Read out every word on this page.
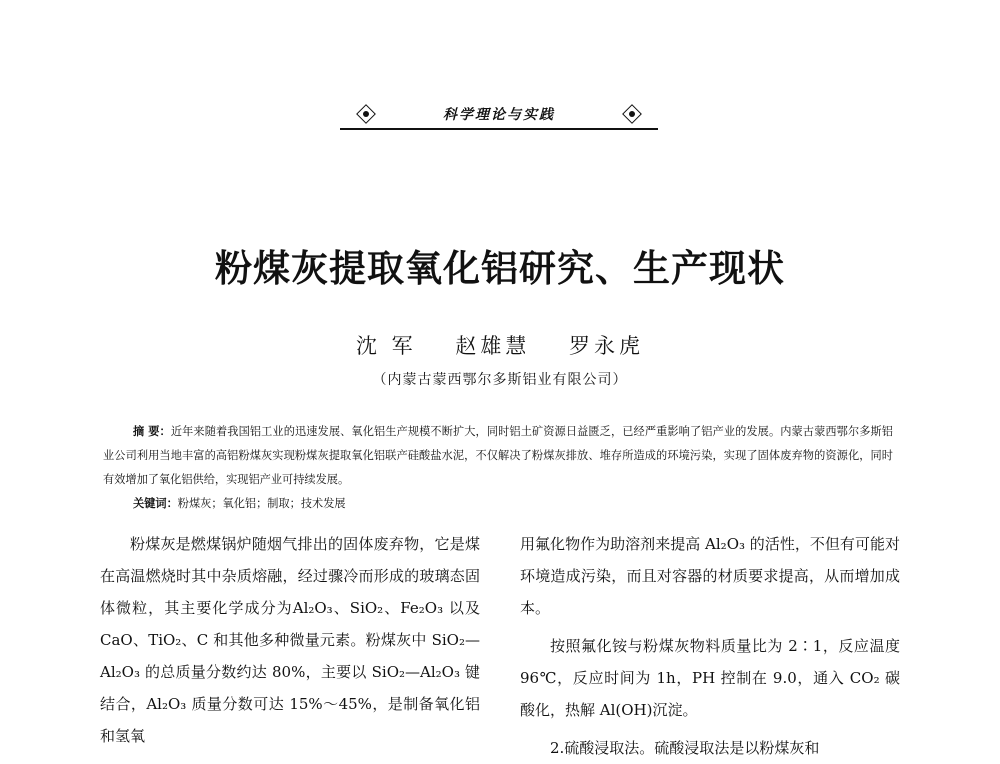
科学理论与实践
粉煤灰提取氧化铝研究、生产现状
沈 军 赵雄慧 罗永虎
（内蒙古蒙西鄂尔多斯铝业有限公司）

摘 要：近年来随着我国铝工业的迅速发展、氧化铝生产规模不断扩大，同时铝土矿资源日益匮乏，已经严重影响了铝产业的发展。内蒙古蒙西鄂尔多斯铝业公司利用当地丰富的高铝粉煤灰实现粉煤灰提取氧化铝联产硅酸盐水泥，不仅解决了粉煤灰排放、堆存所造成的环境污染，实现了固体废弃物的资源化，同时有效增加了氧化铝供给，实现铝产业可持续发展。

关键词：粉煤灰；氧化铝；制取；技术发展

粉煤灰是燃煤锅炉随烟气排出的固体废弃物，它是煤在高温燃烧时其中杂质熔融，经过骤冷而形成的玻璃态固体微粒，其主要化学成分为Al₂O₃、SiO₂、Fe₂O₃ 以及 CaO、TiO₂、C 和其他多种微量元素。粉煤灰中 SiO₂—Al₂O₃ 的总质量分数约达 80%，主要以 SiO₂—Al₂O₃ 键结合，Al₂O₃ 质量分数可达 15%～45%，是制备氧化铝和氢氧

用氟化物作为助溶剂来提高 Al₂O₃ 的活性，不但有可能对环境造成污染，而且对容器的材质要求提高，从而增加成本。

按照氟化铵与粉煤灰物料质量比为 2∶1，反应温度 96℃，反应时间为 1h，PH 控制在 9.0，通入 CO₂ 碳酸化，热解 Al(OH)沉淀。

2.硫酸浸取法。硫酸浸取法是以粉煤灰和
